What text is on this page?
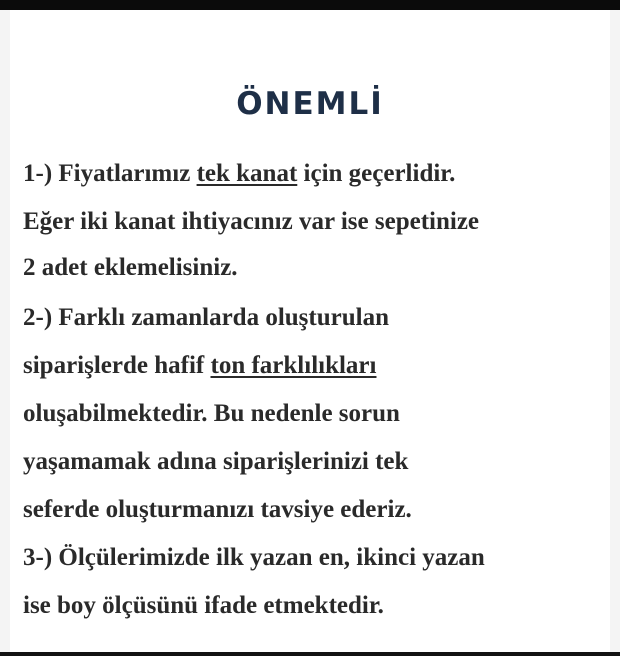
ÖNEMLİ

1-) Fiyatlarımız tek kanat için geçerlidir.

Eğer iki kanat ihtiyacınız var ise sepetinize

2 adet eklemelisiniz.

2-) Farklı zamanlarda oluşturulan

siparişlerde hafif ton farklılıkları

oluşabilmektedir. Bu nedenle sorun

yaşamamak adına siparişlerinizi tek

seferde oluşturmanızı tavsiye ederiz.

3-) Ölçülerimizde ilk yazan en, ikinci yazan

ise boy ölçüsünü ifade etmektedir.
